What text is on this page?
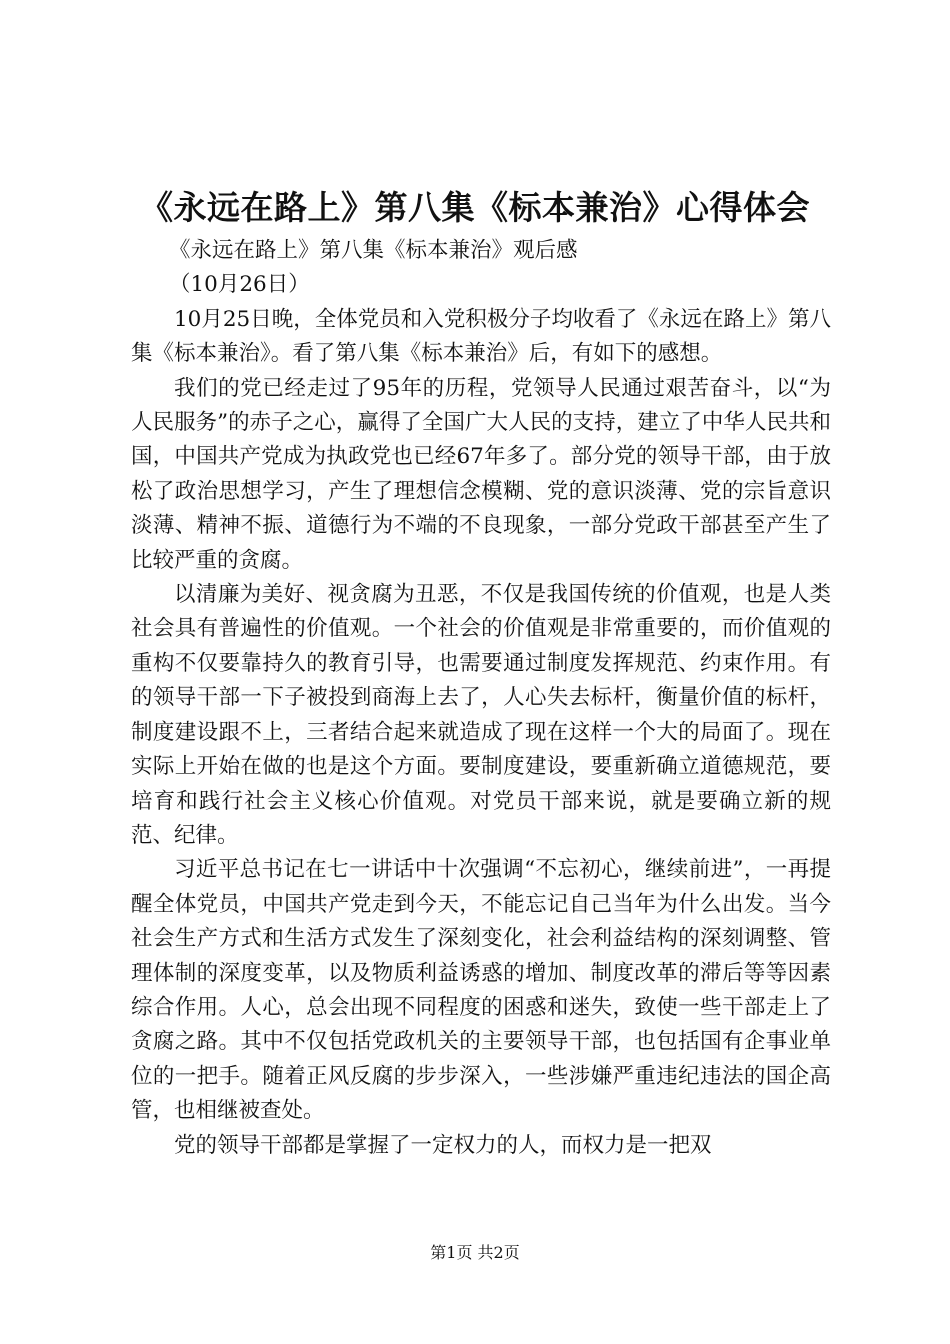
《永远在路上》第八集《标本兼治》心得体会

《永远在路上》第八集《标本兼治》观后感

（10月26日）

10月25日晚，全体党员和入党积极分子均收看了《永远在路上》第八集《标本兼治》。看了第八集《标本兼治》后，有如下的感想。

我们的党已经走过了95年的历程，党领导人民通过艰苦奋斗，以“为人民服务”的赤子之心，赢得了全国广大人民的支持，建立了中华人民共和国，中国共产党成为执政党也已经67年多了。部分党的领导干部，由于放松了政治思想学习，产生了理想信念模糊、党的意识淡薄、党的宗旨意识淡薄、精神不振、道德行为不端的不良现象，一部分党政干部甚至产生了比较严重的贪腐。

以清廉为美好、视贪腐为丑恶，不仅是我国传统的价值观，也是人类社会具有普遍性的价值观。一个社会的价值观是非常重要的，而价值观的重构不仅要靠持久的教育引导，也需要通过制度发挥规范、约束作用。有的领导干部一下子被投到商海上去了，人心失去标杆，衡量价值的标杆，制度建设跟不上，三者结合起来就造成了现在这样一个大的局面了。现在实际上开始在做的也是这个方面。要制度建设，要重新确立道德规范，要培育和践行社会主义核心价值观。对党员干部来说，就是要确立新的规范、纪律。

习近平总书记在七一讲话中十次强调“不忘初心，继续前进”，一再提醒全体党员，中国共产党走到今天，不能忘记自己当年为什么出发。当今社会生产方式和生活方式发生了深刻变化，社会利益结构的深刻调整、管理体制的深度变革，以及物质利益诱惑的增加、制度改革的滞后等等因素综合作用。人心，总会出现不同程度的困惑和迷失，致使一些干部走上了贪腐之路。其中不仅包括党政机关的主要领导干部，也包括国有企事业单位的一把手。随着正风反腐的步步深入，一些涉嫌严重违纪违法的国企高管，也相继被查处。

党的领导干部都是掌握了一定权力的人，而权力是一把双

第1页 共2页
